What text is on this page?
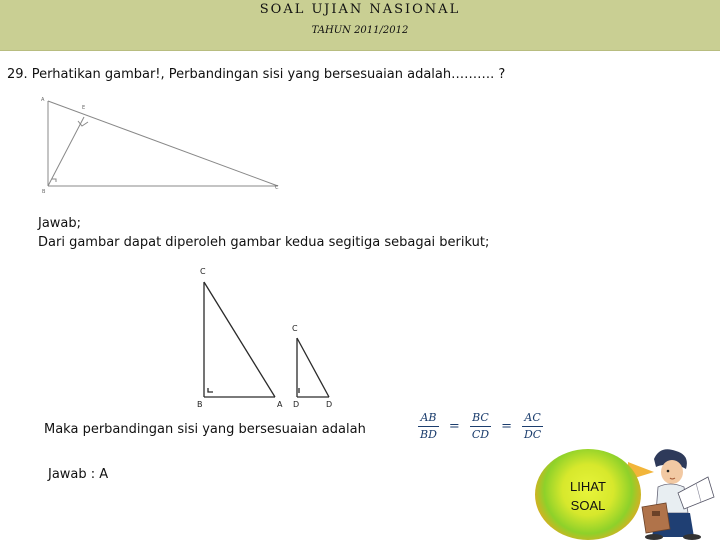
SOAL UJIAN NASIONAL
TAHUN 2011/2012
29. Perhatikan gambar!, Perbandingan sisi yang bersesuaian adalah………. ?
A
E
B
C
Jawab;
Dari gambar dapat diperoleh gambar kedua segitiga sebagai berikut;
C
B	A
C
D	D
Maka perbandingan sisi yang bersesuaian adalah	$\frac{AB}{BD} = \frac{BC}{CD} = \frac{AC}{DC}$
Jawab : A
LIHAT
SOAL
